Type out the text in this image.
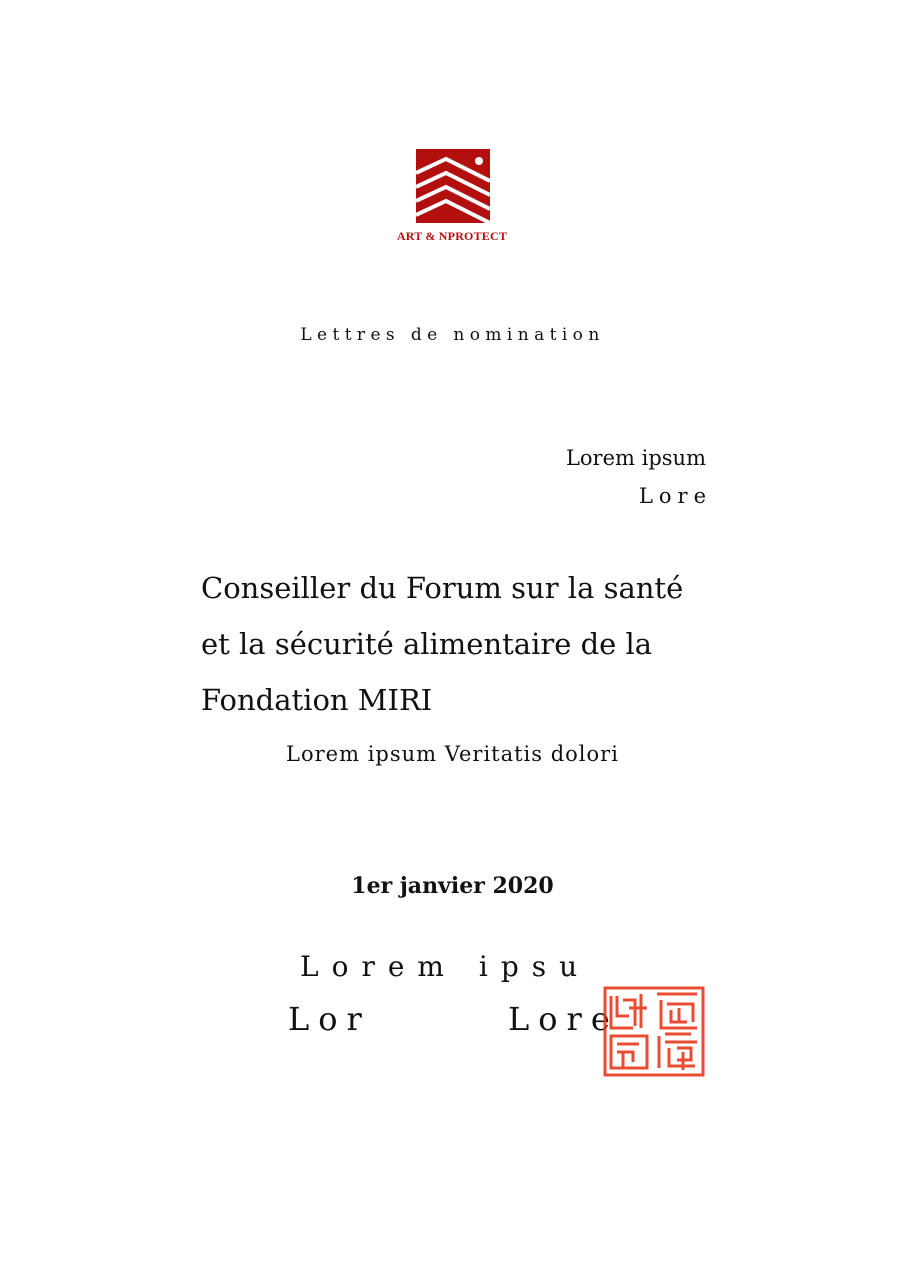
ART & NPROTECT
Lettres de nomination
Lorem ipsum
Lore
Conseiller du Forum sur la santé et la sécurité alimentaire de la Fondation MIRI
Lorem ipsum Veritatis dolori
1er janvier 2020
Lorem ipsu
Lor	Lore
